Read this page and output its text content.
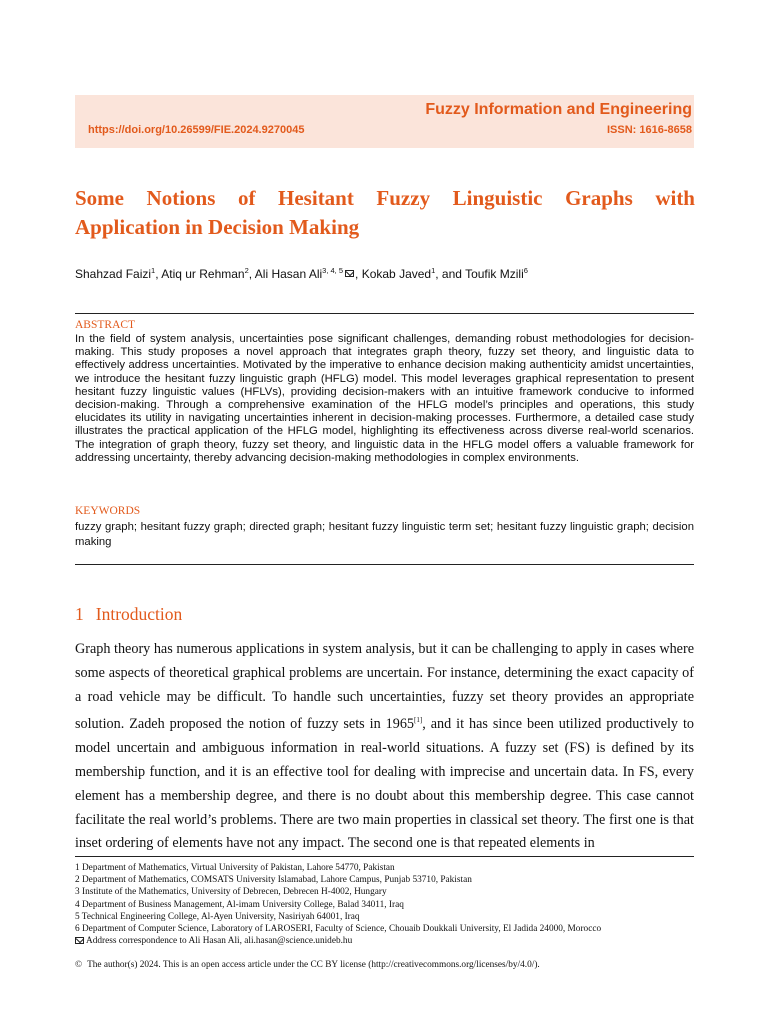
Fuzzy Information and Engineering
https://doi.org/10.26599/FIE.2024.9270045	ISSN: 1616-8658
Some Notions of Hesitant Fuzzy Linguistic Graphs with
Application in Decision Making
Shahzad Faizi$^1$, Atiq ur Rehman$^2$, Ali Hasan Ali$^{3, 4, 5}$ , Kokab Javed$^1$, and Toufik Mzili$^6$
ABSTRACT

In the field of system analysis, uncertainties pose significant challenges, demanding robust methodologies for decision-making. This study proposes a novel approach that integrates graph theory, fuzzy set theory, and linguistic data to effectively address uncertainties. Motivated by the imperative to enhance decision making authenticity amidst uncertainties, we introduce the hesitant fuzzy linguistic graph (HFLG) model. This model leverages graphical representation to present hesitant fuzzy linguistic values (HFLVs), providing decision-makers with an intuitive framework conducive to informed decision-making. Through a comprehensive examination of the HFLG model’s principles and operations, this study elucidates its utility in navigating uncertainties inherent in decision-making processes. Furthermore, a detailed case study illustrates the practical application of the HFLG model, highlighting its effectiveness across diverse real-world scenarios. The integration of graph theory, fuzzy set theory, and linguistic data in the HFLG model offers a valuable framework for addressing uncertainty, thereby advancing decision-making methodologies in complex environments.

KEYWORDS

fuzzy graph; hesitant fuzzy graph; directed graph; hesitant fuzzy linguistic term set; hesitant fuzzy linguistic graph; decision making

1 Introduction

Graph theory has numerous applications in system analysis, but it can be challenging to apply in cases where some aspects of theoretical graphical problems are uncertain. For instance, determining the exact capacity of a road vehicle may be difficult. To handle such uncertainties, fuzzy set theory provides an appropriate solution. Zadeh proposed the notion of fuzzy sets in 1965[1], and it has since been utilized productively to model uncertain and ambiguous information in real-world situations. A fuzzy set (FS) is defined by its membership function, and it is an effective tool for dealing with imprecise and uncertain data. In FS, every element has a membership degree, and there is no doubt about this membership degree. This case cannot facilitate the real world’s problems. There are two main properties in classical set theory. The first one is that inset ordering of elements have not any impact. The second one is that repeated elements in

1 Department of Mathematics, Virtual University of Pakistan, Lahore 54770, Pakistan
2 Department of Mathematics, COMSATS University Islamabad, Lahore Campus, Punjab 53710, Pakistan
3 Institute of the Mathematics, University of Debrecen, Debrecen H-4002, Hungary
4 Department of Business Management, Al-imam University College, Balad 34011, Iraq
5 Technical Engineering College, Al-Ayen University, Nasiriyah 64001, Iraq
6 Department of Computer Science, Laboratory of LAROSERI, Faculty of Science, Chouaib Doukkali University, El Jadida 24000, Morocco
Address correspondence to Ali Hasan Ali, ali.hasan@science.unideb.hu
© The author(s) 2024. This is an open access article under the CC BY license (http://creativecommons.org/licenses/by/4.0/).
